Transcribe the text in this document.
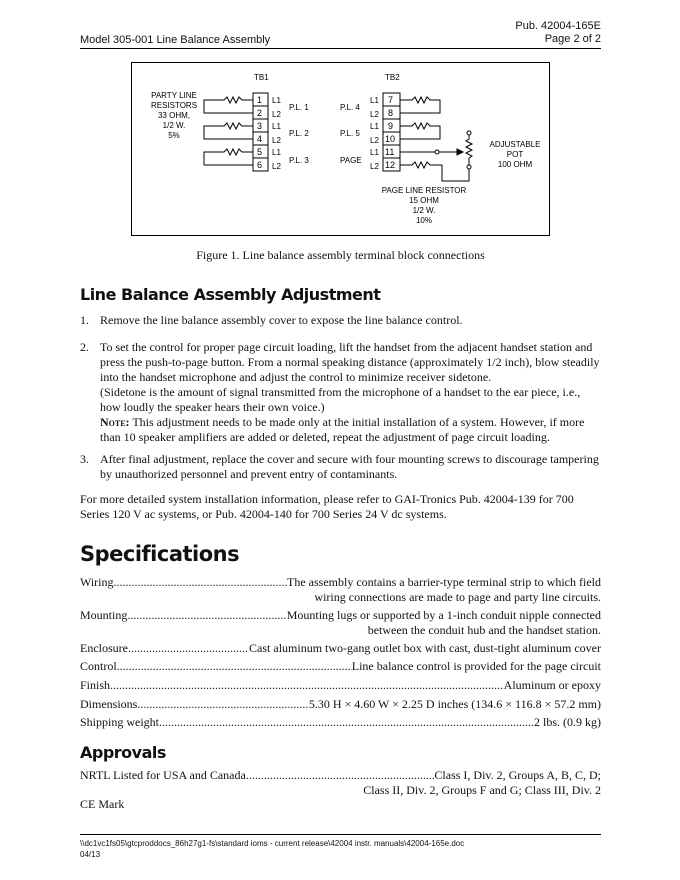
Model 305-001 Line Balance Assembly
Pub. 42004-165E
Page 2 of 2
TB1
1
2
3
4
5
6
L1
L2
L1
L2
L1
L2
P.L. 1
P.L. 2
P.L. 3
PARTY LINE
RESISTORS
33 OHM,
1/2 W.
5%
TB2
7
8
9
10
11
12
L1
L2
L1
L2
L1
L2
P.L. 4
P.L. 5
PAGE
ADJUSTABLE
POT
100 OHM
PAGE LINE RESISTOR
15 OHM
1/2 W.
10%
Figure 1. Line balance assembly terminal block connections
Line Balance Assembly Adjustment
1. Remove the line balance assembly cover to expose the line balance control.
2. To set the control for proper page circuit loading, lift the handset from the adjacent handset station and press the push-to-page button. From a normal speaking distance (approximately 1/2 inch), blow steadily into the handset microphone and adjust the control to minimize receiver sidetone.
(Sidetone is the amount of signal transmitted from the microphone of a handset to the ear piece, i.e., how loudly the speaker hears their own voice.)
Note: This adjustment needs to be made only at the initial installation of a system. However, if more than 10 speaker amplifiers are added or deleted, repeat the adjustment of page circuit loading.
3. After final adjustment, replace the cover and secure with four mounting screws to discourage tampering by unauthorized personnel and prevent entry of contaminants.
For more detailed system installation information, please refer to GAI-Tronics Pub. 42004-139 for 700 Series 120 V ac systems, or Pub. 42004-140 for 700 Series 24 V dc systems.
Specifications
Wiring .....	The assembly contains a barrier-type terminal strip to which field
wiring connections are made to page and party line circuits.
Mounting .....	Mounting lugs or supported by a 1-inch conduit nipple connected
between the conduit hub and the handset station.
Enclosure .....	Cast aluminum two-gang outlet box with cast, dust-tight aluminum cover
Control .....	Line balance control is provided for the page circuit
Finish .....	Aluminum or epoxy
Dimensions .....	5.30 H × 4.60 W × 2.25 D inches (134.6 × 116.8 × 57.2 mm)
Shipping weight .....	2 lbs. (0.9 kg)
Approvals
NRTL Listed for USA and Canada .....	Class I, Div. 2, Groups A, B, C, D;
Class II, Div. 2, Groups F and G; Class III, Div. 2
CE Mark
\\dc1vc1fs05\gtcproddocs_86h27g1-fs\standard ioms - current release\42004 instr. manuals\42004-165e.doc
04/13
